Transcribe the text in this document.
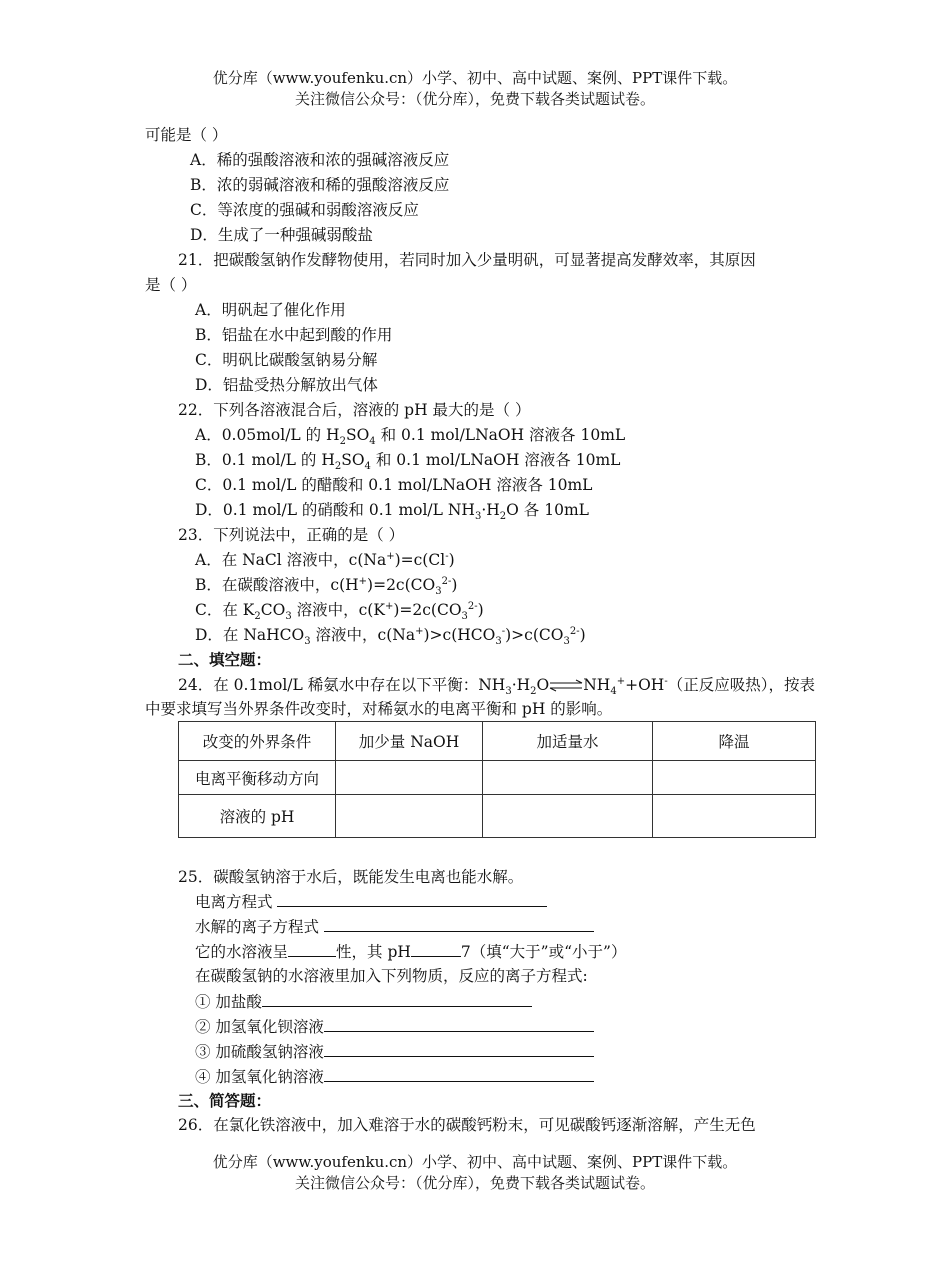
优分库（www.youfenku.cn）小学、初中、高中试题、案例、PPT课件下载。
关注微信公众号：（优分库），免费下载各类试题试卷。
可能是（ ）
A．稀的强酸溶液和浓的强碱溶液反应
B．浓的弱碱溶液和稀的强酸溶液反应
C．等浓度的强碱和弱酸溶液反应
D．生成了一种强碱弱酸盐
21．把碳酸氢钠作发酵物使用，若同时加入少量明矾，可显著提高发酵效率，其原因
是（ ）
A．明矾起了催化作用
B．铝盐在水中起到酸的作用
C．明矾比碳酸氢钠易分解
D．铝盐受热分解放出气体
22．下列各溶液混合后，溶液的 pH 最大的是（ ）
A．0.05mol/L 的 $H_2SO_4$ 和 0.1 mol/LNaOH 溶液各 10mL
B．0.1 mol/L 的 $H_2SO_4$ 和 0.1 mol/LNaOH 溶液各 10mL
C．0.1 mol/L 的醋酸和 0.1 mol/LNaOH 溶液各 10mL
D．0.1 mol/L 的硝酸和 0.1 mol/L $NH_3\cdot H_2O$ 各 10mL
23．下列说法中，正确的是（ ）
A．在 NaCl 溶液中，c(Na+)=c(Cl-)
B．在碳酸溶液中，$c(H^+)=2c(CO_3^{2-})$
C．在 $K_2CO_3$ 溶液中，$c(K^+)=2c(CO_3^{2-})$
D．在 NaHCO$_3$ 溶液中，$c(Na^+)>c(HCO_3^-)>c(CO_3^{2-})$
二、填空题：
24．在 0.1mol/L 稀氨水中存在以下平衡：$NH_3\cdot H_2O\rightleftharpoons NH_4^++OH^-$（正反应吸热），按表
中要求填写当外界条件改变时，对稀氨水的电离平衡和 pH 的影响。
改变的外界条件	加少量 NaOH	加适量水	降温
电离平衡移动方向			
溶液的 pH			
25．碳酸氢钠溶于水后，既能发生电离也能水解。
电离方程式
水解的离子方程式
它的水溶液呈	性，其 pH	7（填“大于”或“小于”）
在碳酸氢钠的水溶液里加入下列物质，反应的离子方程式:
① 加盐酸
② 加氢氧化钡溶液
③ 加硫酸氢钠溶液
④ 加氢氧化钠溶液
三、简答题：
26．在氯化铁溶液中，加入难溶于水的碳酸钙粉末，可见碳酸钙逐渐溶解，产生无色
优分库（www.youfenku.cn）小学、初中、高中试题、案例、PPT课件下载。
关注微信公众号：（优分库），免费下载各类试题试卷。
